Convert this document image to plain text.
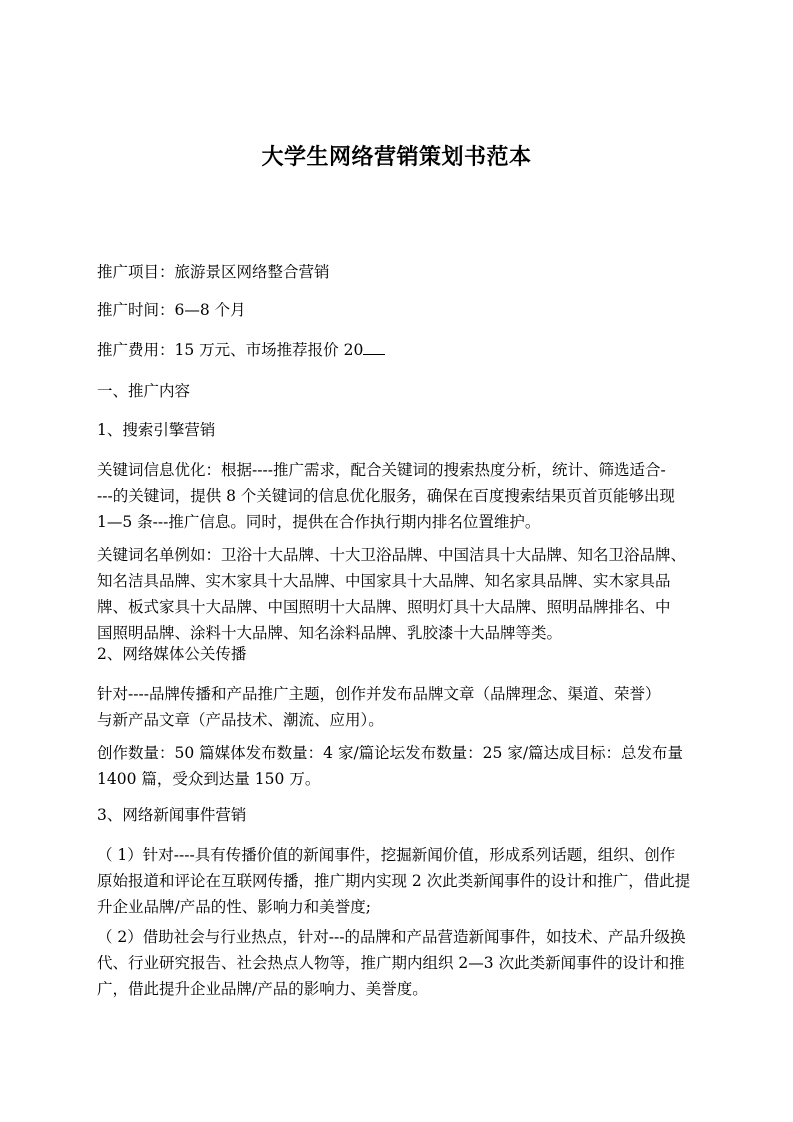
大学生网络营销策划书范本
推广项目：旅游景区网络整合营销
推广时间：6—8 个月
推广费用：15 万元、市场推荐报价 20
一、推广内容
1、搜索引擎营销
关键词信息优化：根据----推广需求，配合关键词的搜索热度分析，统计、筛选适合-
---的关键词，提供 8 个关键词的信息优化服务，确保在百度搜索结果页首页能够出现
1—5 条---推广信息。同时，提供在合作执行期内排名位置维护。
关键词名单例如：卫浴十大品牌、十大卫浴品牌、中国洁具十大品牌、知名卫浴品牌、
知名洁具品牌、实木家具十大品牌、中国家具十大品牌、知名家具品牌、实木家具品
牌、板式家具十大品牌、中国照明十大品牌、照明灯具十大品牌、照明品牌排名、中
国照明品牌、涂料十大品牌、知名涂料品牌、乳胶漆十大品牌等类。
2、网络媒体公关传播
针对----品牌传播和产品推广主题，创作并发布品牌文章（品牌理念、渠道、荣誉）
与新产品文章（产品技术、潮流、应用）。
创作数量：50 篇媒体发布数量：4 家/篇论坛发布数量：25 家/篇达成目标：总发布量
1400 篇，受众到达量 150 万。
3、网络新闻事件营销
（ 1）针对----具有传播价值的新闻事件，挖掘新闻价值，形成系列话题，组织、创作
原始报道和评论在互联网传播，推广期内实现 2 次此类新闻事件的设计和推广，借此提
升企业品牌/产品的性、影响力和美誉度;
（ 2）借助社会与行业热点，针对---的品牌和产品营造新闻事件，如技术、产品升级换
代、行业研究报告、社会热点人物等，推广期内组织 2—3 次此类新闻事件的设计和推
广，借此提升企业品牌/产品的影响力、美誉度。
